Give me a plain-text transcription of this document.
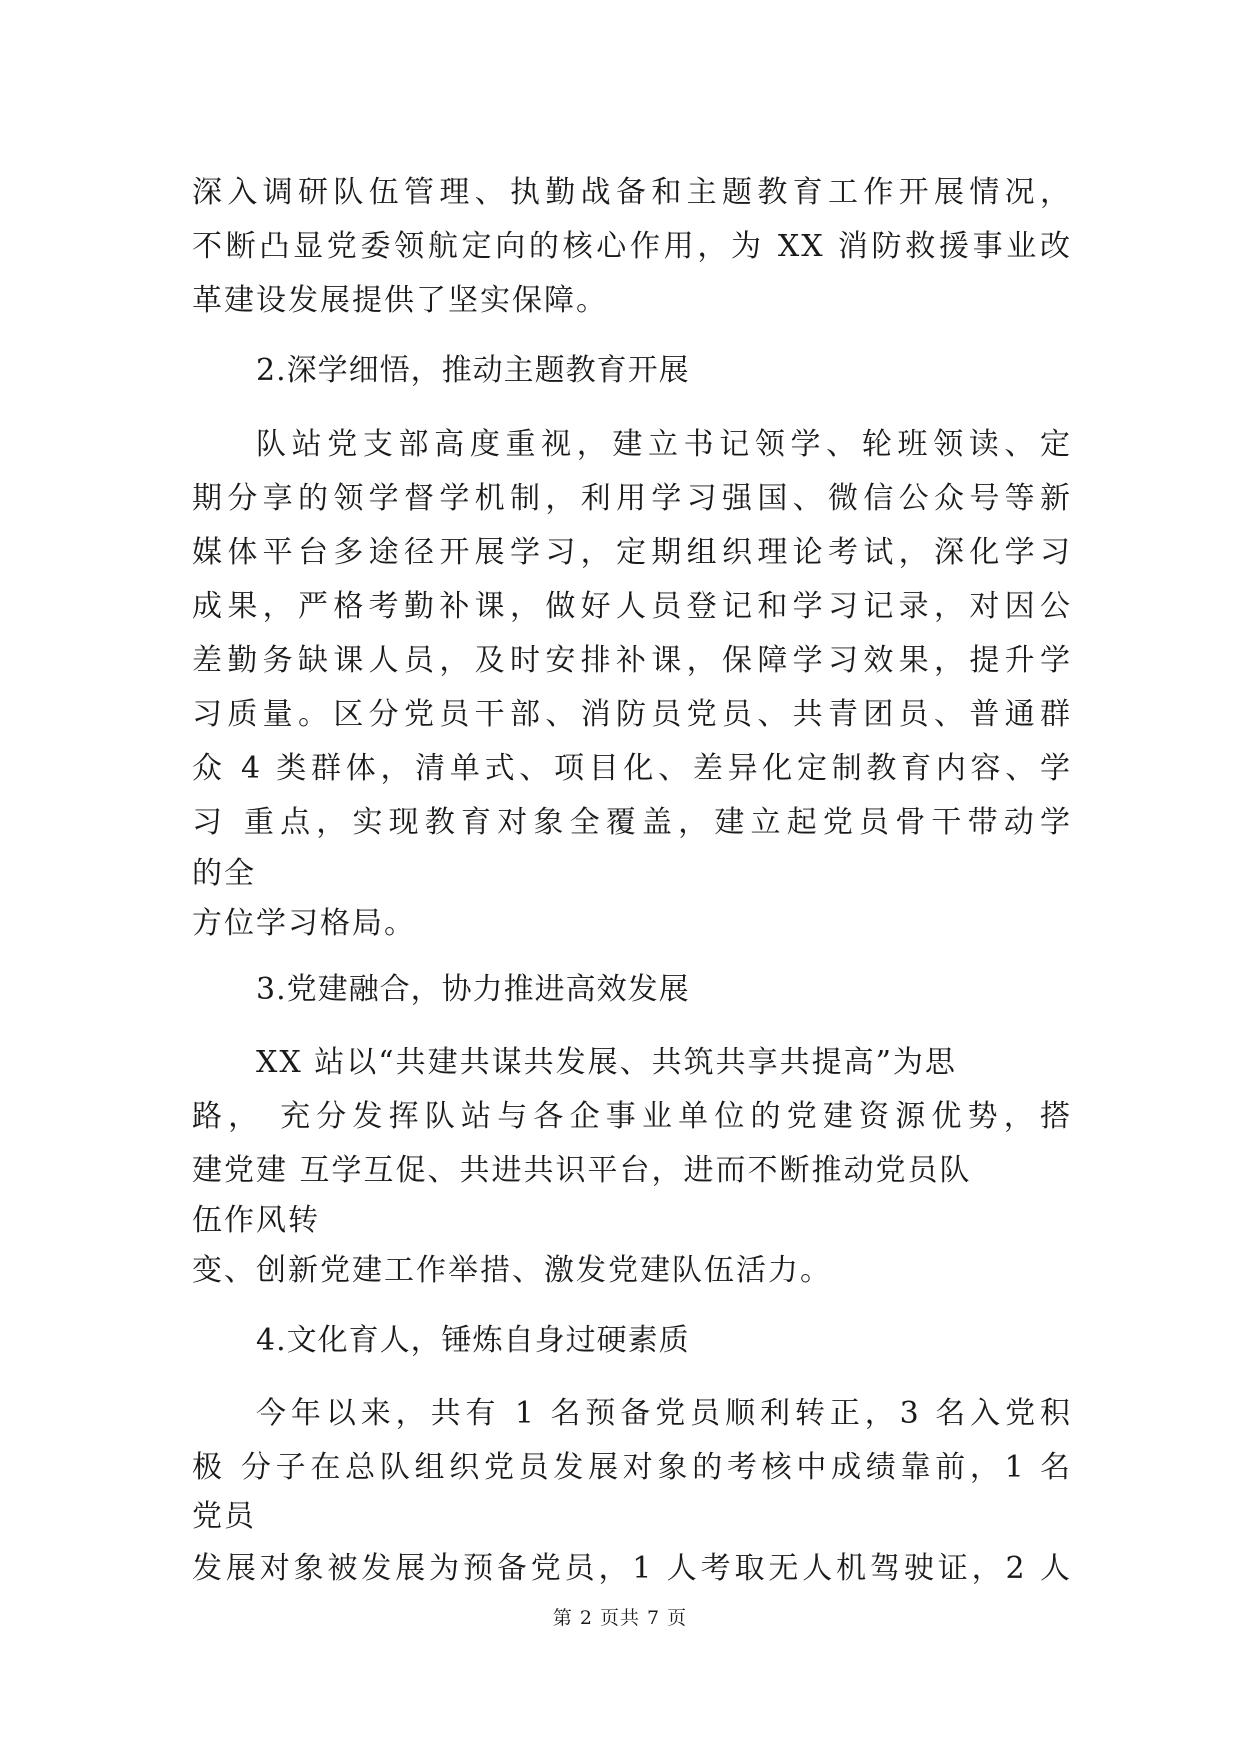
深入调研队伍管理、执勤战备和主题教育工作开展情况，
不断凸显党委领航定向的核心作用，为 XX 消防救援事业改
革建设发展提供了坚实保障。
2.深学细悟，推动主题教育开展
队站党支部高度重视，建立书记领学、轮班领读、定
期分享的领学督学机制，利用学习强国、微信公众号等新
媒体平台多途径开展学习，定期组织理论考试，深化学习
成果，严格考勤补课，做好人员登记和学习记录，对因公
差勤务缺课人员，及时安排补课，保障学习效果，提升学
习质量。区分党员干部、消防员党员、共青团员、普通群
众 4 类群体，清单式、项目化、差异化定制教育内容、学
习 重点，实现教育对象全覆盖，建立起党员骨干带动学
的全
方位学习格局。
3.党建融合，协力推进高效发展
XX 站以“共建共谋共发展、共筑共享共提高”为思
路， 充分发挥队站与各企事业单位的党建资源优势，搭
建党建 互学互促、共进共识平台，进而不断推动党员队
伍作风转
变、创新党建工作举措、激发党建队伍活力。
4.文化育人，锤炼自身过硬素质
今年以来，共有 1 名预备党员顺利转正，3 名入党积
极 分子在总队组织党员发展对象的考核中成绩靠前，1 名
党员
发展对象被发展为预备党员，1 人考取无人机驾驶证，2 人
第 2 页共 7 页
